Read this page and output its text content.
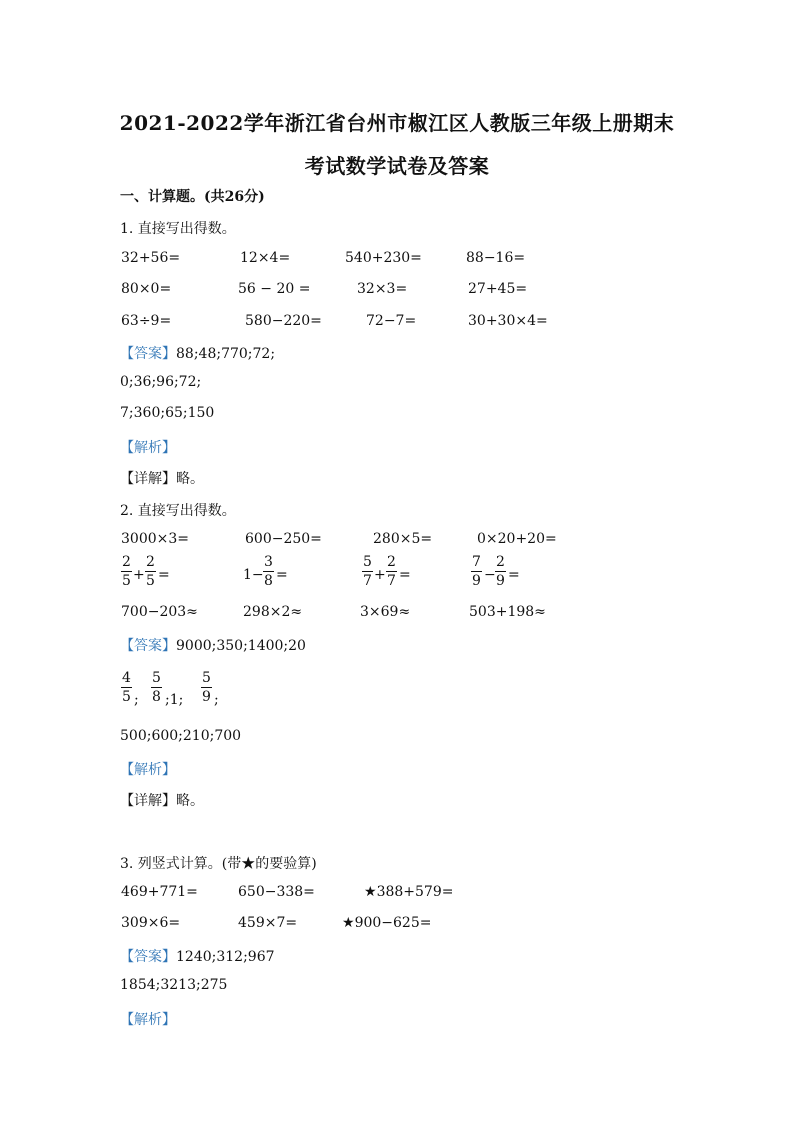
2021-2022学年浙江省台州市椒江区人教版三年级上册期末
考试数学试卷及答案
一、计算题。(共26分)
1. 直接写出得数。
32+56=	12×4=	540+230=	88−16=
80×0=	56 − 20 =	32×3=	27+45=
63÷9=	580−220=	72−7=	30+30×4=
【答案】88;48;770;72;
0;36;96;72;
7;360;65;150
【解析】
【详解】略。
2. 直接写出得数。
3000×3=	600−250=	280×5=	0×20+20=
$\frac{2}{5} + \frac{2}{5}$ =	$1- \frac{3}{8}$ =	$\frac{5}{7} + \frac{2}{7}$ =	$\frac{7}{9} - \frac{2}{9}$ =
700−203≈	298×2≈	3×69≈	503+198≈
【答案】9000;350;1400;20
$\frac{4}{5}$ ; $\frac{5}{8}$ ;1; $\frac{5}{9}$ ;
500;600;210;700
【解析】
【详解】略。
3. 列竖式计算。(带★的要验算)
469+771=	650−338=	★388+579=
309×6=	459×7=	★900−625=
【答案】1240;312;967
1854;3213;275
【解析】
